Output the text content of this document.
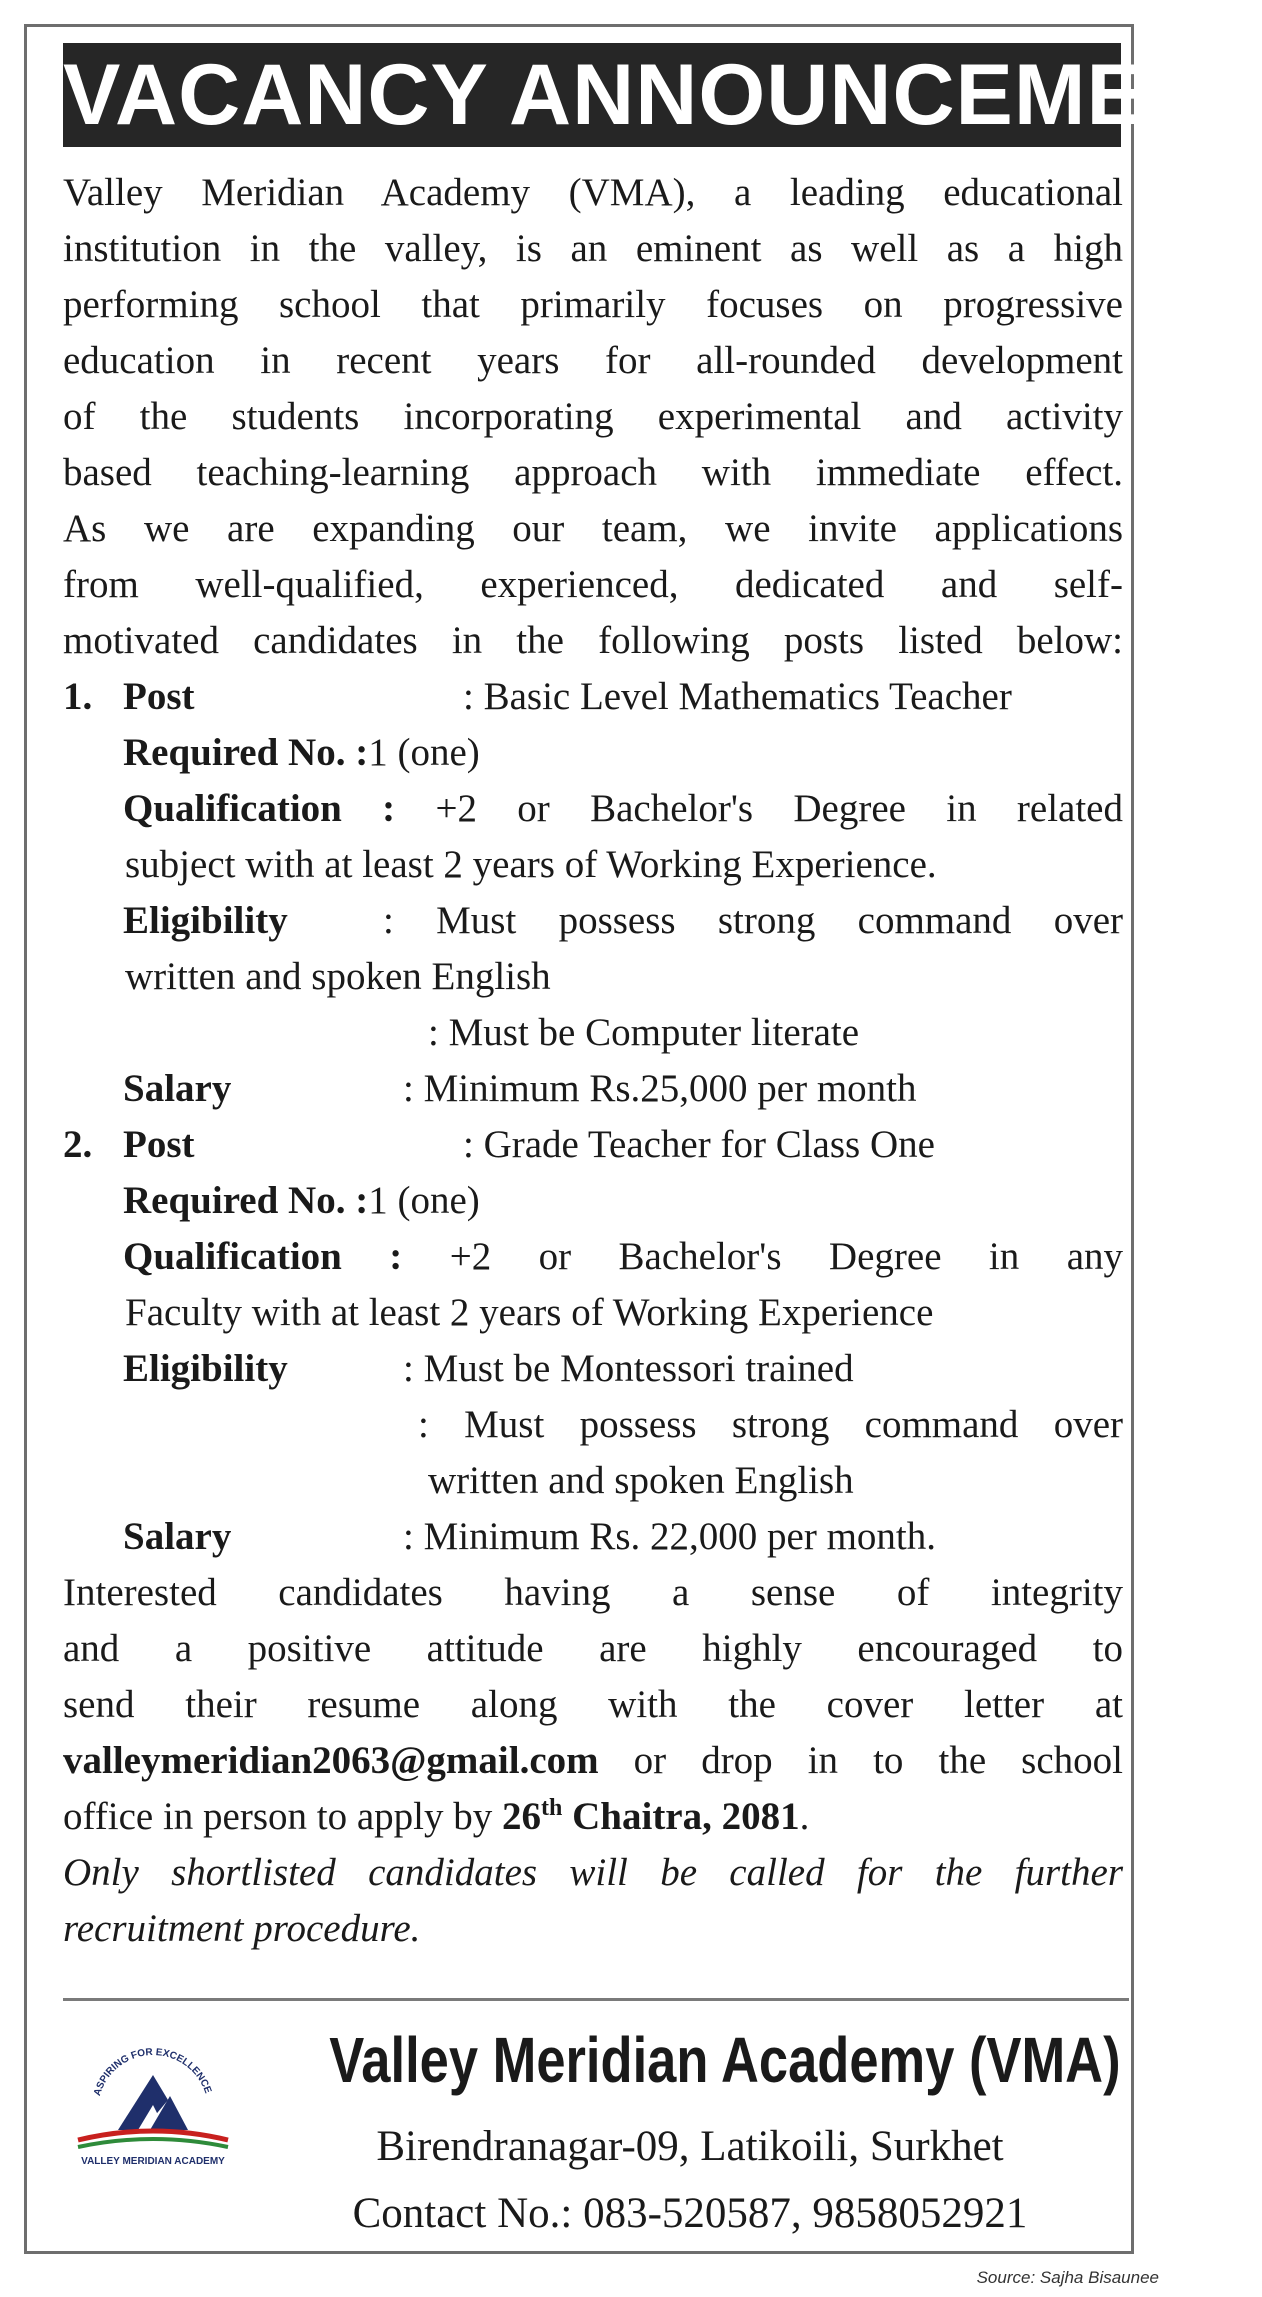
VACANCY ANNOUNCEMENT
Valley Meridian Academy (VMA), a leading educational
institution in the valley, is an eminent as well as a high
performing school that primarily focuses on progressive
education in recent years for all-rounded development
of the students incorporating experimental and activity
based teaching-learning approach with immediate effect.
As we are expanding our team, we invite applications
from well-qualified, experienced, dedicated and self-
motivated candidates in the following posts listed below:
1. Post	: Basic Level Mathematics Teacher
Required No. : 1 (one)
Qualification : +2 or Bachelor's Degree in related
subject with at least 2 years of Working Experience.
Eligibility : Must possess strong command over
written and spoken English
: Must be Computer literate
Salary	: Minimum Rs.25,000 per month
2. Post	: Grade Teacher for Class One
Required No. : 1 (one)
Qualification : +2 or Bachelor's Degree in any
Faculty with at least 2 years of Working Experience
Eligibility	: Must be Montessori trained
: Must possess strong command over
written and spoken English
Salary	: Minimum Rs. 22,000 per month.
Interested candidates having a sense of integrity
and a positive attitude are highly encouraged to
send their resume along with the cover letter at
valleymeridian2063@gmail.com or drop in to the school
office in person to apply by 26th Chaitra, 2081.
Only shortlisted candidates will be called for the further
recruitment procedure.
ASPIRING FOR EXCELLENCE
VALLEY MERIDIAN ACADEMY
Valley Meridian Academy (VMA)
Birendranagar-09, Latikoili, Surkhet
Contact No.: 083-520587, 9858052921
Source: Sajha Bisaunee
